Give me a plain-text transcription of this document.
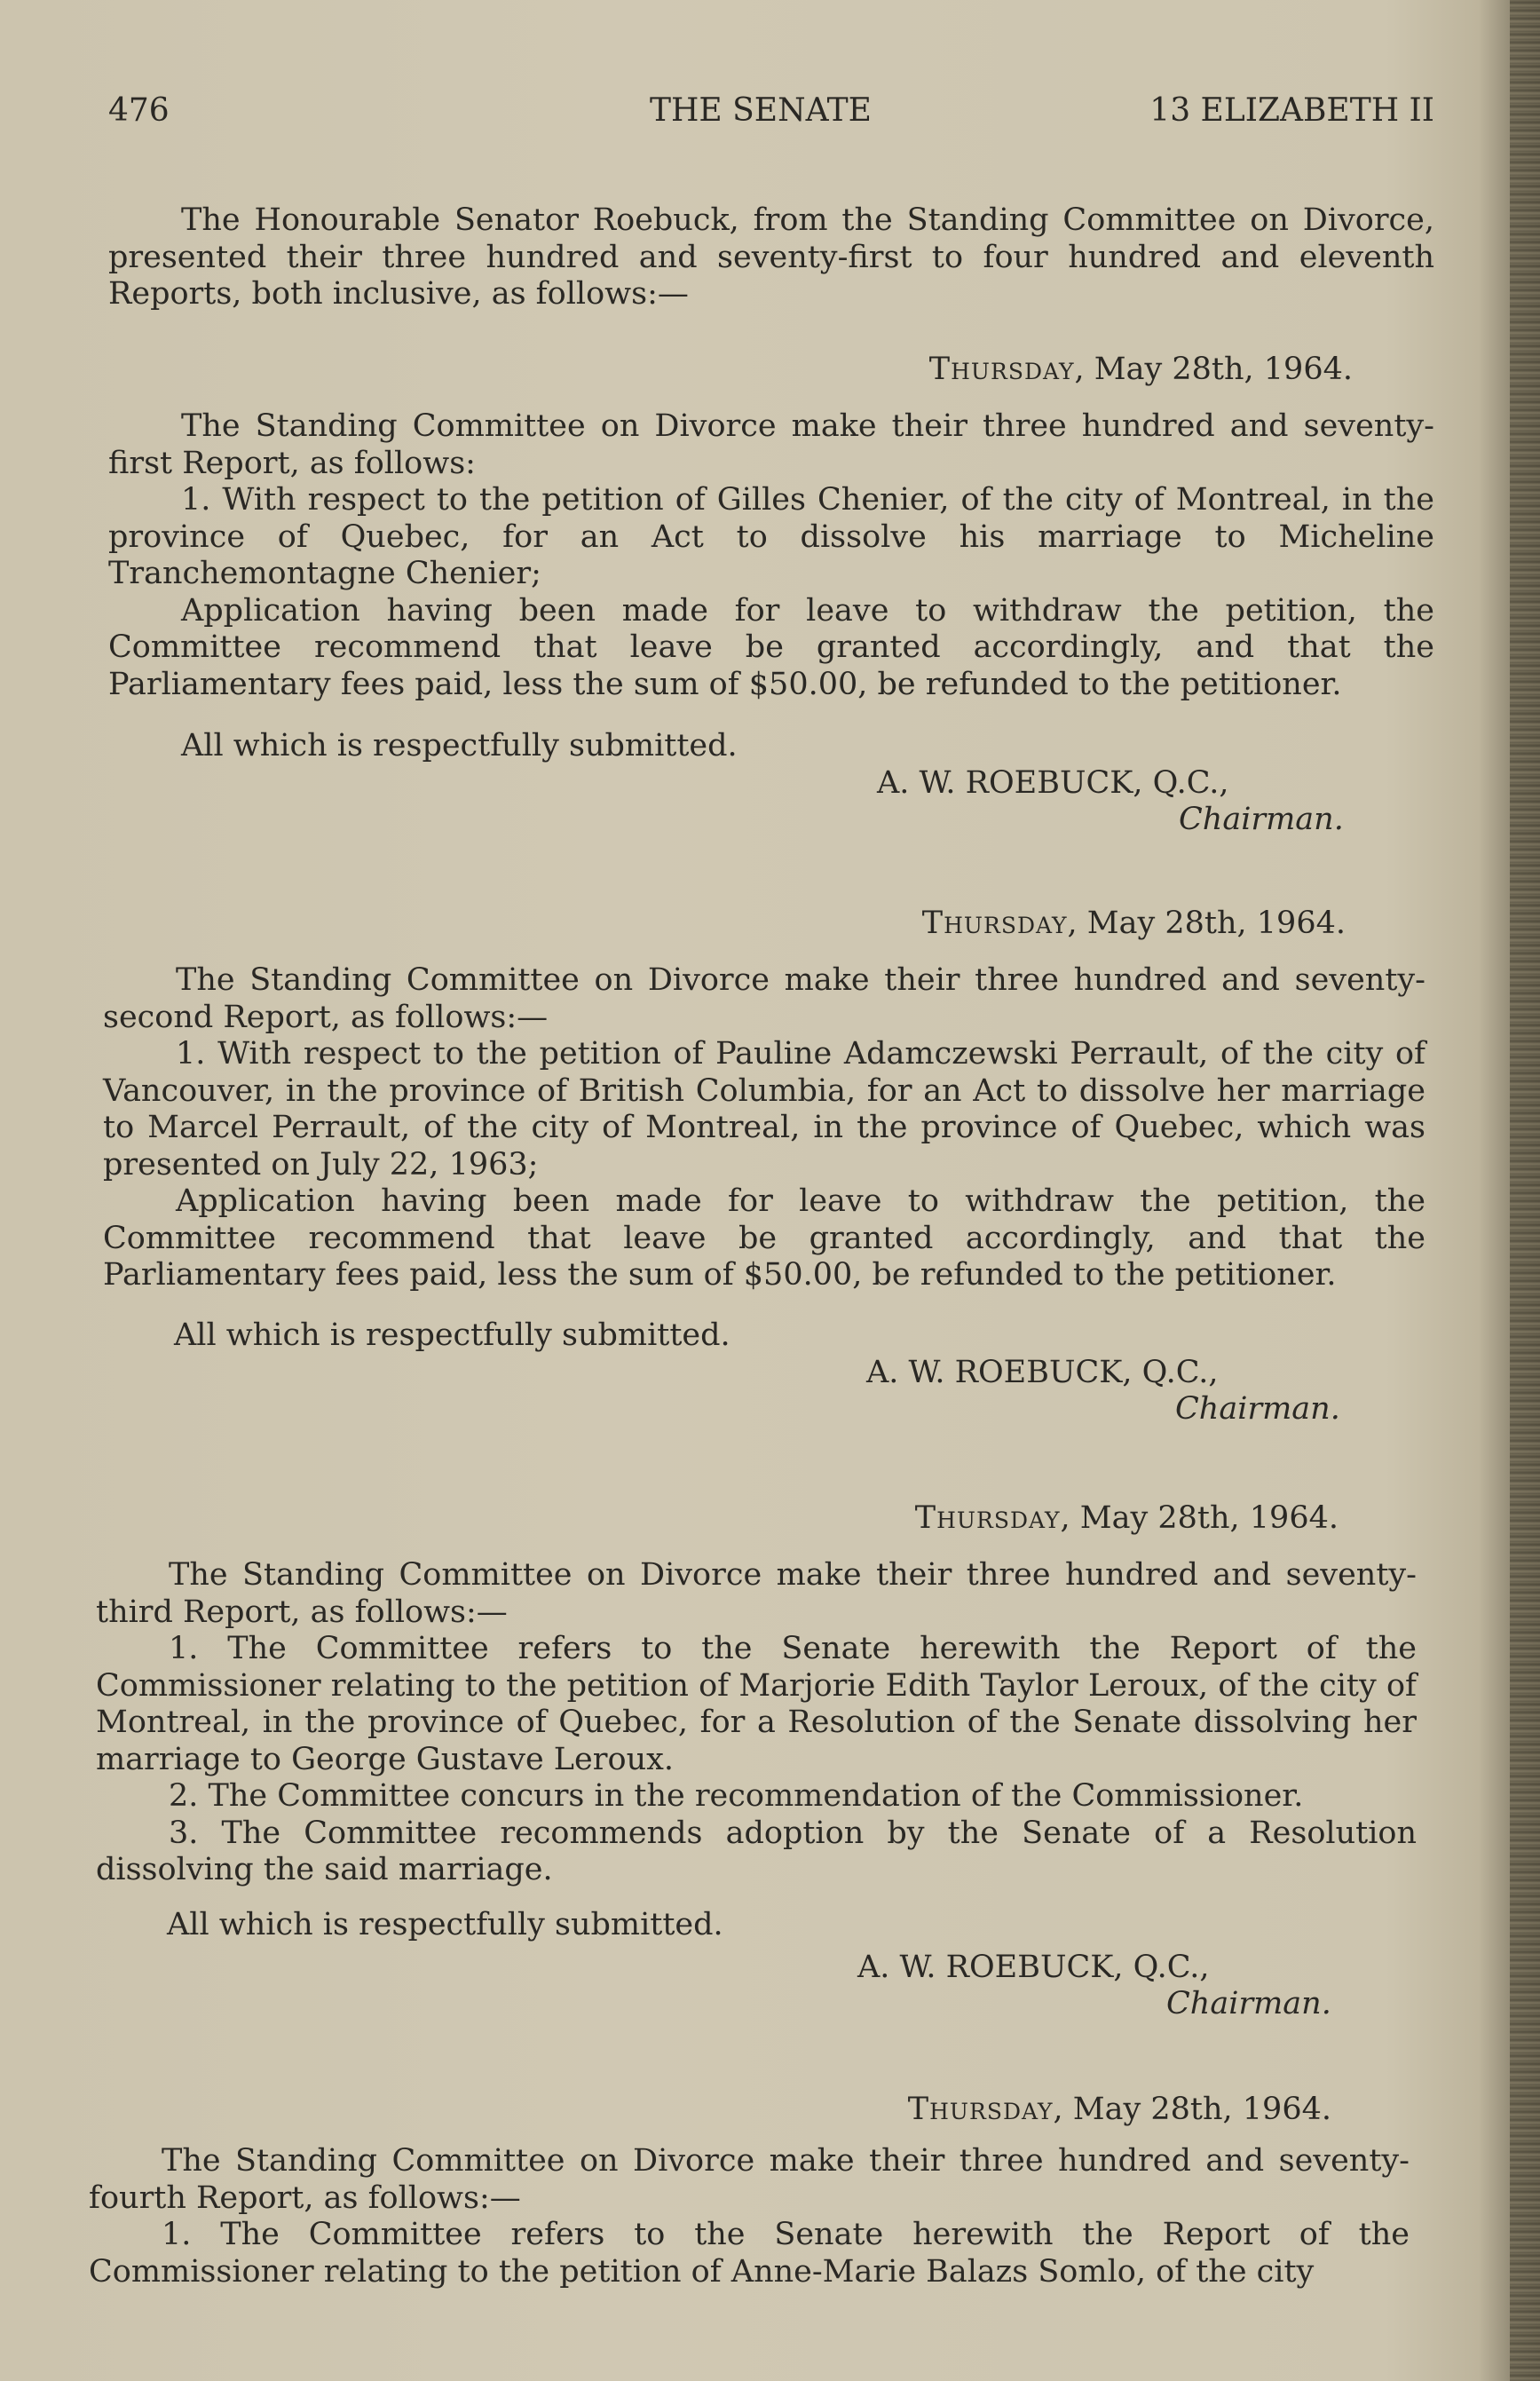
476	THE SENATE	13 ELIZABETH II

The Honourable Senator Roebuck, from the Standing Committee on Divorce, presented their three hundred and seventy-first to four hundred and eleventh Reports, both inclusive, as follows:—

Thursday, May 28th, 1964.

The Standing Committee on Divorce make their three hundred and seventy-first Report, as follows:

1. With respect to the petition of Gilles Chenier, of the city of Montreal, in the province of Quebec, for an Act to dissolve his marriage to Micheline Tranchemontagne Chenier;

Application having been made for leave to withdraw the petition, the Committee recommend that leave be granted accordingly, and that the Parliamentary fees paid, less the sum of $50.00, be refunded to the petitioner.

All which is respectfully submitted.

A. W. ROEBUCK, Q.C.,
Chairman.
Thursday, May 28th, 1964.

The Standing Committee on Divorce make their three hundred and seventy-second Report, as follows:—

1. With respect to the petition of Pauline Adamczewski Perrault, of the city of Vancouver, in the province of British Columbia, for an Act to dissolve her marriage to Marcel Perrault, of the city of Montreal, in the province of Quebec, which was presented on July 22, 1963;

Application having been made for leave to withdraw the petition, the Committee recommend that leave be granted accordingly, and that the Parliamentary fees paid, less the sum of $50.00, be refunded to the petitioner.

All which is respectfully submitted.

A. W. ROEBUCK, Q.C.,
Chairman.
Thursday, May 28th, 1964.

The Standing Committee on Divorce make their three hundred and seventy-third Report, as follows:—

1. The Committee refers to the Senate herewith the Report of the Commissioner relating to the petition of Marjorie Edith Taylor Leroux, of the city of Montreal, in the province of Quebec, for a Resolution of the Senate dissolving her marriage to George Gustave Leroux.

2. The Committee concurs in the recommendation of the Commissioner.

3. The Committee recommends adoption by the Senate of a Resolution dissolving the said marriage.

All which is respectfully submitted.

A. W. ROEBUCK, Q.C.,
Chairman.
Thursday, May 28th, 1964.

The Standing Committee on Divorce make their three hundred and seventy-fourth Report, as follows:—

1. The Committee refers to the Senate herewith the Report of the Commissioner relating to the petition of Anne-Marie Balazs Somlo, of the city
